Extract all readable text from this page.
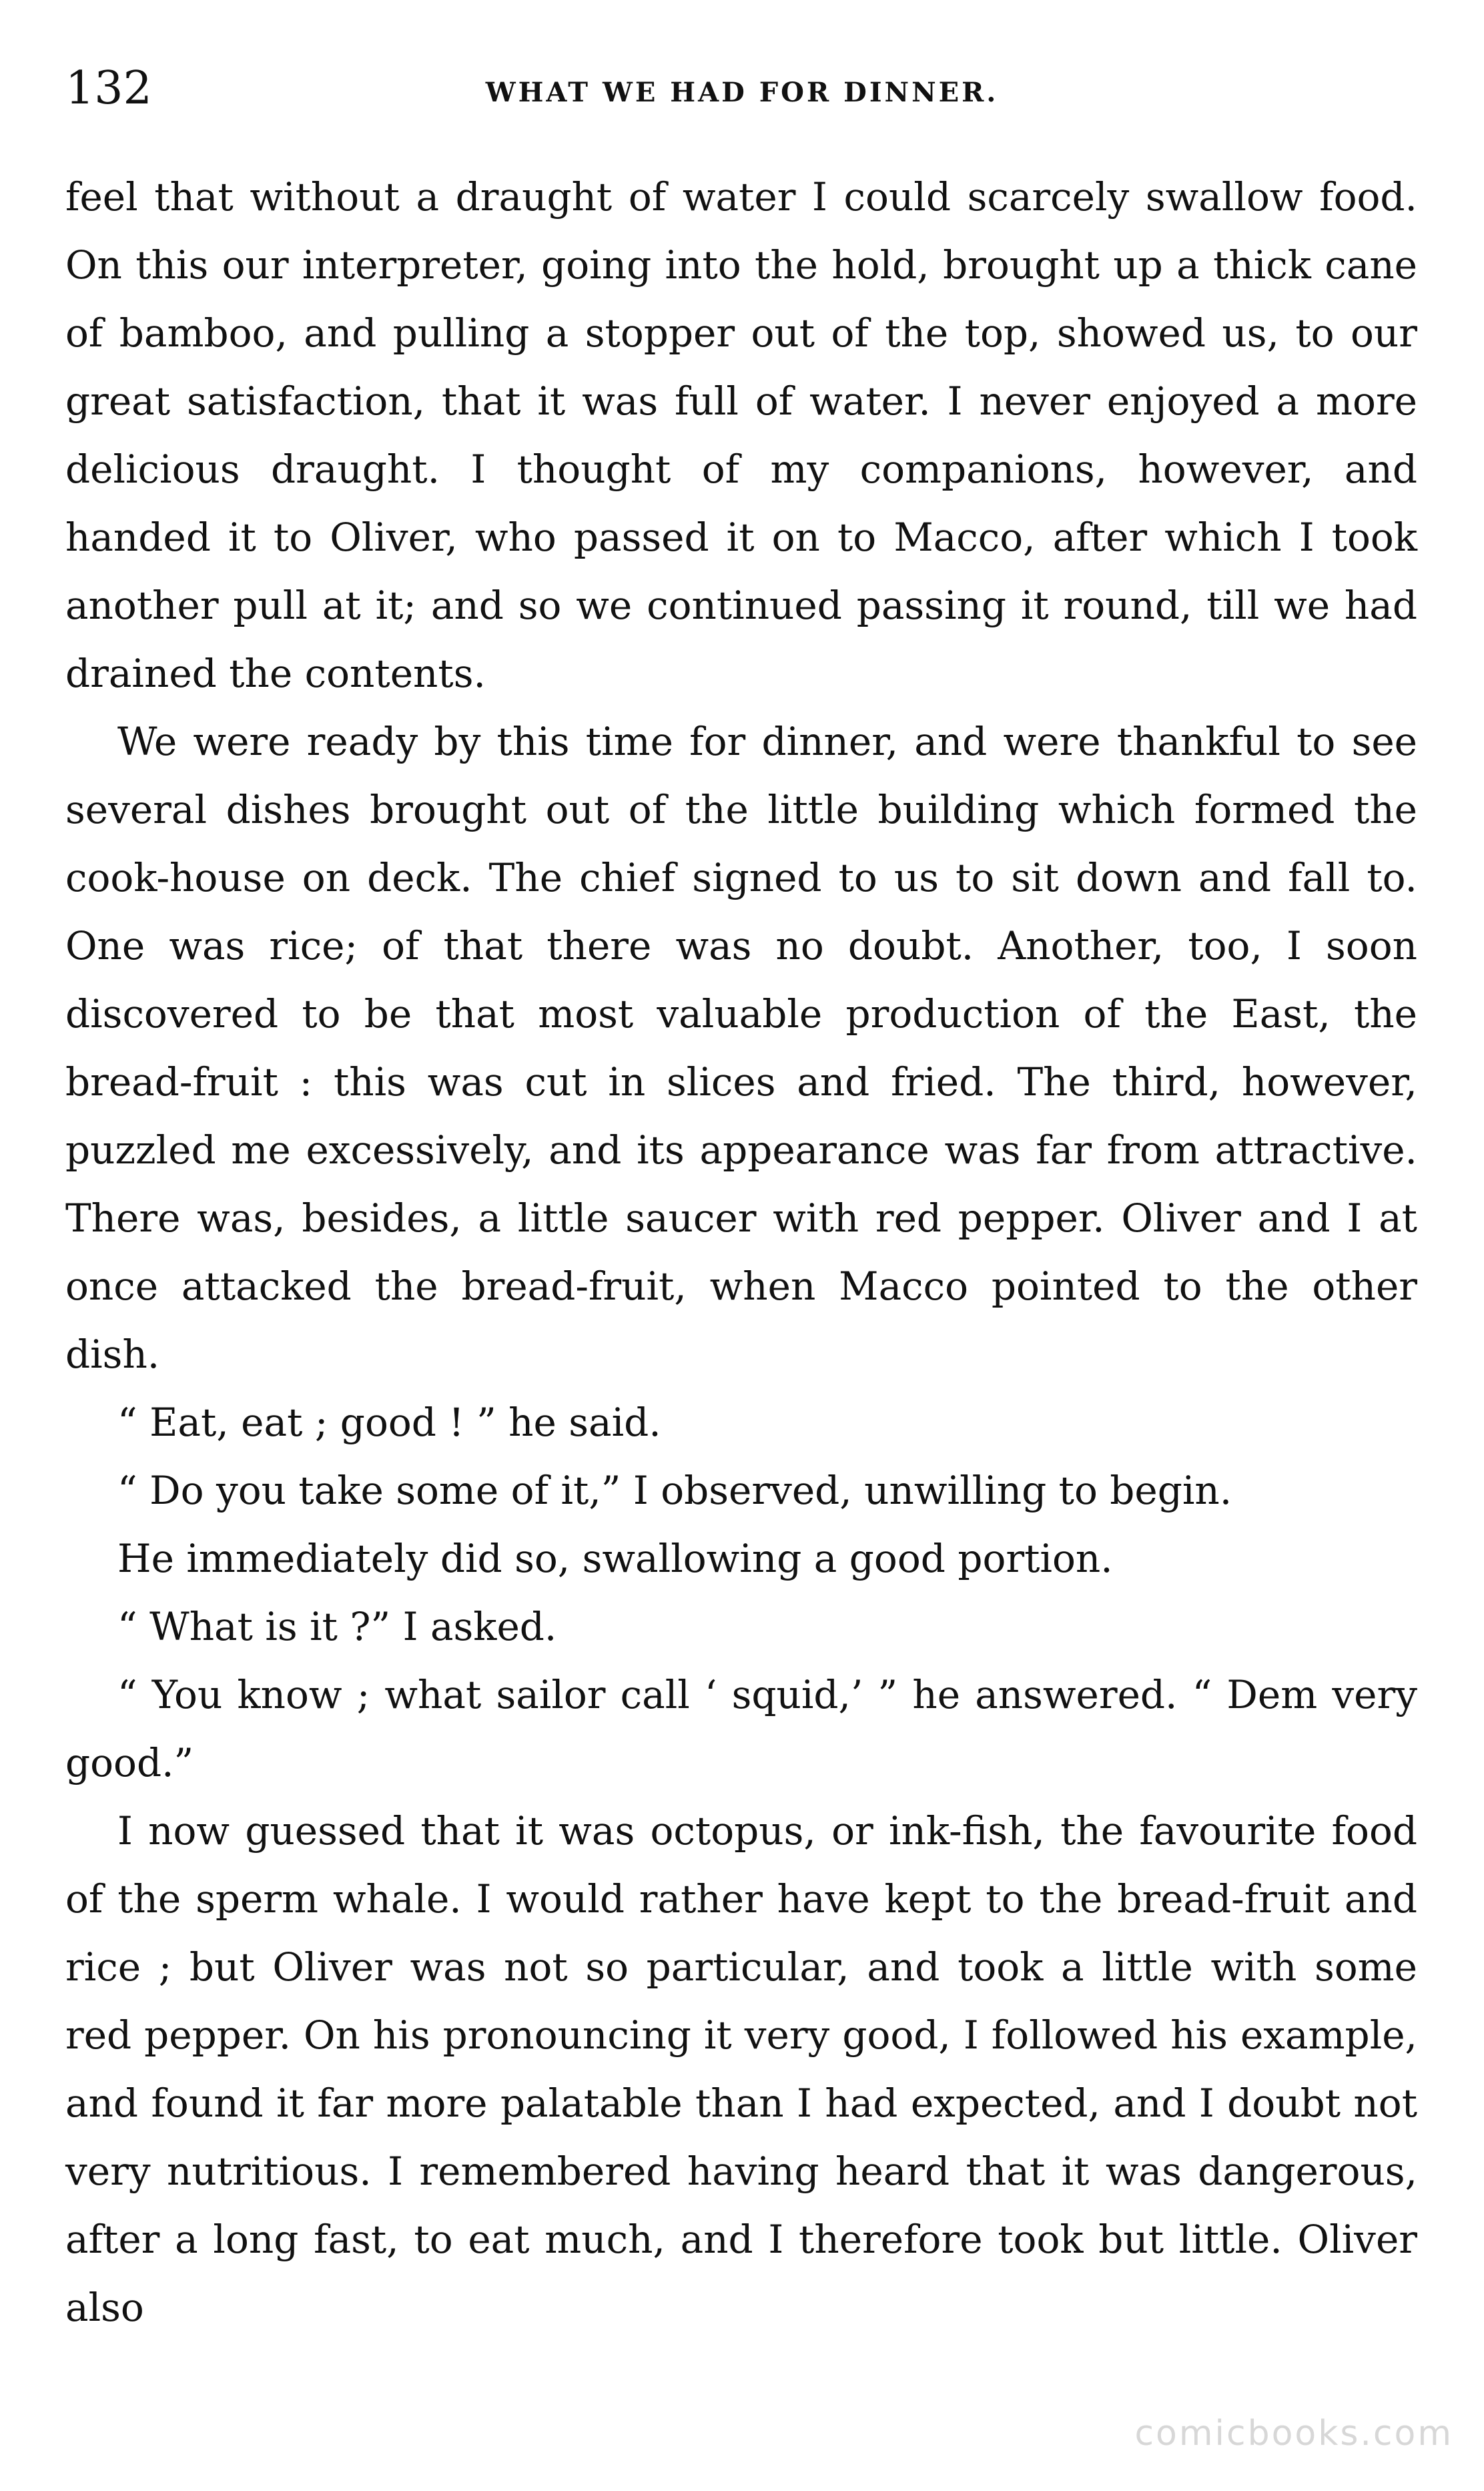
132	WHAT WE HAD FOR DINNER.

feel that without a draught of water I could scarcely swallow food. On this our interpreter, going into the hold, brought up a thick cane of bamboo, and pulling a stopper out of the top, showed us, to our great satisfaction, that it was full of water. I never enjoyed a more delicious draught. I thought of my companions, however, and handed it to Oliver, who passed it on to Macco, after which I took another pull at it; and so we continued passing it round, till we had drained the contents.

We were ready by this time for dinner, and were thankful to see several dishes brought out of the little building which formed the cook-house on deck. The chief signed to us to sit down and fall to. One was rice; of that there was no doubt. Another, too, I soon discovered to be that most valuable production of the East, the bread-fruit : this was cut in slices and fried. The third, however, puzzled me excessively, and its appearance was far from attractive. There was, besides, a little saucer with red pepper. Oliver and I at once attacked the bread-fruit, when Macco pointed to the other dish.

“ Eat, eat ; good ! ” he said.

“ Do you take some of it,” I observed, unwilling to begin.

He immediately did so, swallowing a good portion.

“ What is it ?” I asked.

“ You know ; what sailor call ‘ squid,’ ” he answered. “ Dem very good.”

I now guessed that it was octopus, or ink-fish, the favourite food of the sperm whale. I would rather have kept to the bread-fruit and rice ; but Oliver was not so particular, and took a little with some red pepper. On his pronouncing it very good, I followed his example, and found it far more palatable than I had expected, and I doubt not very nutritious. I remembered having heard that it was dangerous, after a long fast, to eat much, and I therefore took but little. Oliver also

comicbooks.com
